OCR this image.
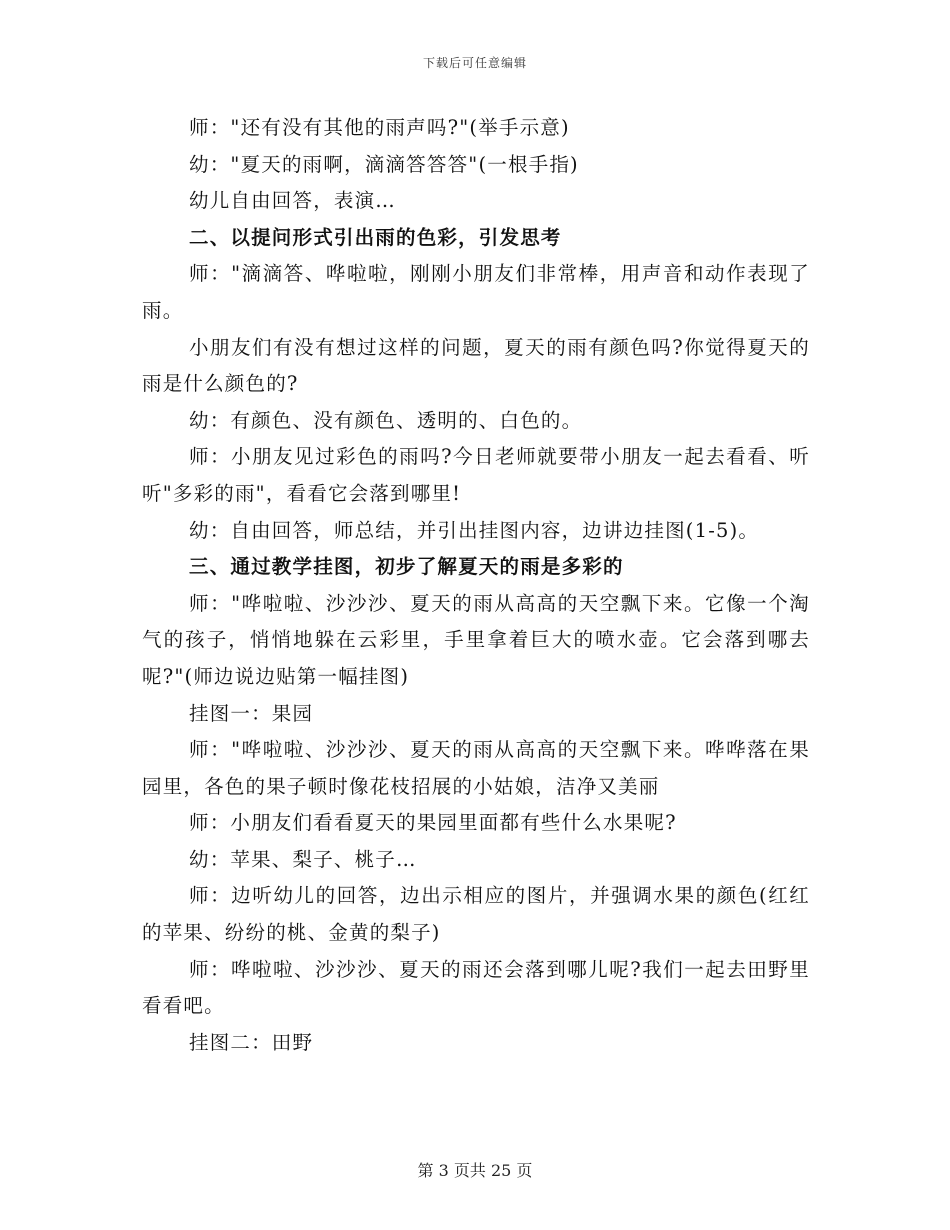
下载后可任意编辑

师："还有没有其他的雨声吗?"(举手示意)

幼："夏天的雨啊，滴滴答答答"(一根手指)

幼儿自由回答，表演…

二、以提问形式引出雨的色彩，引发思考

师："滴滴答、哗啦啦，刚刚小朋友们非常棒，用声音和动作表现了雨。

小朋友们有没有想过这样的问题，夏天的雨有颜色吗?你觉得夏天的雨是什么颜色的?

幼：有颜色、没有颜色、透明的、白色的。

师：小朋友见过彩色的雨吗?今日老师就要带小朋友一起去看看、听听"多彩的雨"，看看它会落到哪里!

幼：自由回答，师总结，并引出挂图内容，边讲边挂图(1-5)。

三、通过教学挂图，初步了解夏天的雨是多彩的

师："哗啦啦、沙沙沙、夏天的雨从高高的天空飘下来。它像一个淘气的孩子，悄悄地躲在云彩里，手里拿着巨大的喷水壶。它会落到哪去呢?"(师边说边贴第一幅挂图)

挂图一：果园

师："哗啦啦、沙沙沙、夏天的雨从高高的天空飘下来。哗哗落在果园里，各色的果子顿时像花枝招展的小姑娘，洁净又美丽

师：小朋友们看看夏天的果园里面都有些什么水果呢?

幼：苹果、梨子、桃子…

师：边听幼儿的回答，边出示相应的图片，并强调水果的颜色(红红的苹果、纷纷的桃、金黄的梨子)

师：哗啦啦、沙沙沙、夏天的雨还会落到哪儿呢?我们一起去田野里看看吧。

挂图二：田野

第 3 页共 25 页
